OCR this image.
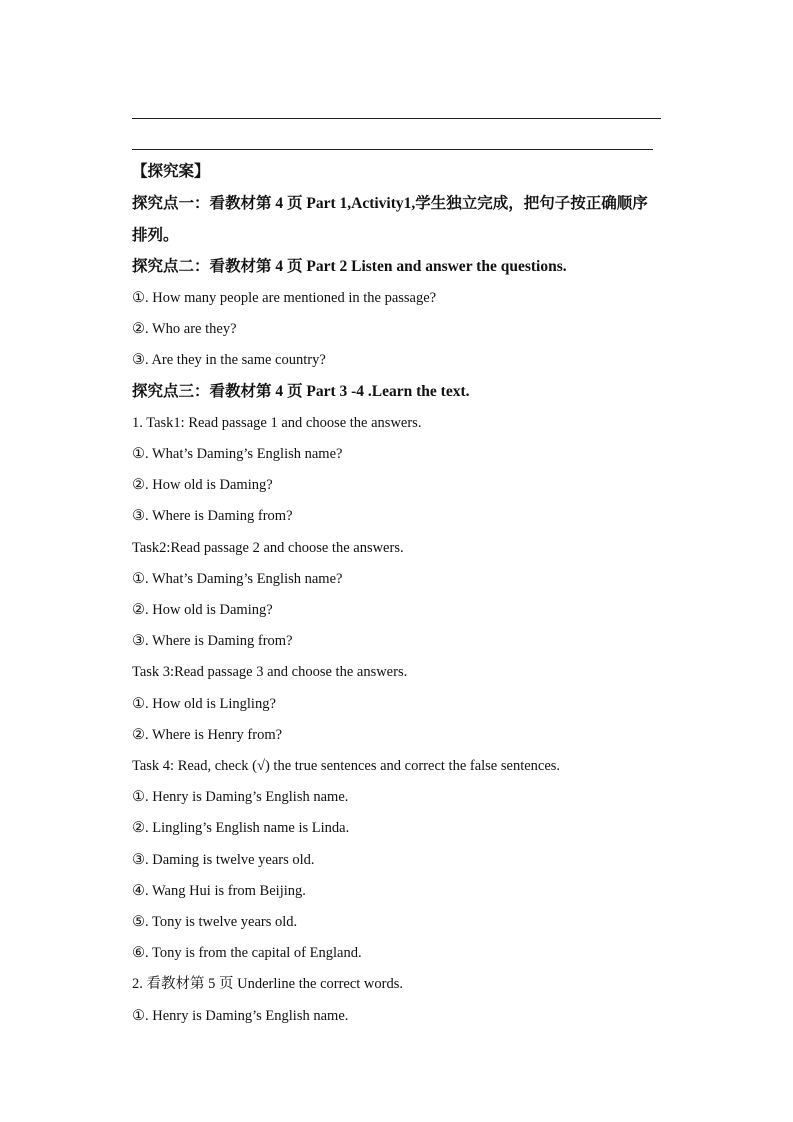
【探究案】
探究点一：看教材第 4 页 Part 1,Activity1,学生独立完成，把句子按正确顺序
排列。
探究点二：看教材第 4 页 Part 2 Listen and answer the questions.
①. How many people are mentioned in the passage?
②. Who are they?
③. Are they in the same country?
探究点三：看教材第 4 页 Part 3 -4 .Learn the text.
1. Task1: Read passage 1 and choose the answers.
①. What’s Daming’s English name?
②. How old is Daming?
③. Where is Daming from?
Task2:Read passage 2 and choose the answers.
①. What’s Daming’s English name?
②. How old is Daming?
③. Where is Daming from?
Task 3:Read passage 3 and choose the answers.
①. How old is Lingling?
②. Where is Henry from?
Task 4: Read, check (√) the true sentences and correct the false sentences.
①. Henry is Daming’s English name.
②. Lingling’s English name is Linda.
③. Daming is twelve years old.
④. Wang Hui is from Beijing.
⑤. Tony is twelve years old.
⑥. Tony is from the capital of England.
2. 看教材第 5 页 Underline the correct words.
①. Henry is Daming’s English name.
